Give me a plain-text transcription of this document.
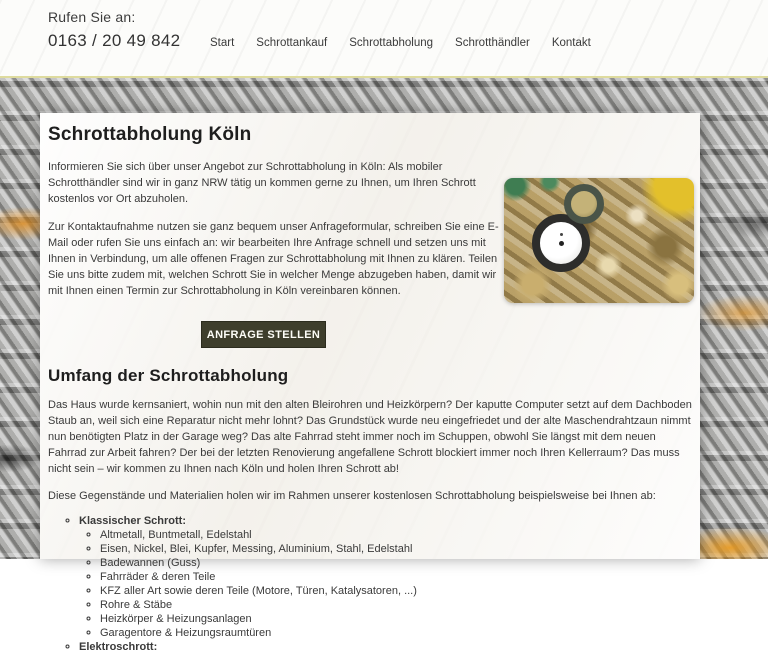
Rufen Sie an:
0163 / 20 49 842	Start Schrottankauf Schrottabholung Schrotthändler Kontakt
Schrottabholung Köln

Informieren Sie sich über unser Angebot zur Schrottabholung in Köln: Als mobiler Schrotthändler sind wir in ganz NRW tätig un kommen gerne zu Ihnen, um Ihren Schrott kostenlos vor Ort abzuholen.

Zur Kontaktaufnahme nutzen sie ganz bequem unser Anfrageformular, schreiben Sie eine E-Mail oder rufen Sie uns einfach an: wir bearbeiten Ihre Anfrage schnell und setzen uns mit Ihnen in Verbindung, um alle offenen Fragen zur Schrottabholung mit Ihnen zu klären. Teilen Sie uns bitte zudem mit, welchen Schrott Sie in welcher Menge abzugeben haben, damit wir mit Ihnen einen Termin zur Schrottabholung in Köln vereinbaren können.

ANFRAGE STELLEN
Umfang der Schrottabholung

Das Haus wurde kernsaniert, wohin nun mit den alten Bleirohren und Heizkörpern? Der kaputte Computer setzt auf dem Dachboden Staub an, weil sich eine Reparatur nicht mehr lohnt? Das Grundstück wurde neu eingefriedet und der alte Maschendrahtzaun nimmt nun benötigten Platz in der Garage weg? Das alte Fahrrad steht immer noch im Schuppen, obwohl Sie längst mit dem neuen Fahrrad zur Arbeit fahren? Der bei der letzten Renovierung angefallene Schrott blockiert immer noch Ihren Kellerraum? Das muss nicht sein – wir kommen zu Ihnen nach Köln und holen Ihren Schrott ab!

Diese Gegenstände und Materialien holen wir im Rahmen unserer kostenlosen Schrottabholung beispielsweise bei Ihnen ab:

◦ Klassischer Schrott:
◦ Altmetall, Buntmetall, Edelstahl
◦ Eisen, Nickel, Blei, Kupfer, Messing, Aluminium, Stahl, Edelstahl
◦ Badewannen (Guss)
◦ Fahrräder & deren Teile
◦ KFZ aller Art sowie deren Teile (Motore, Türen, Katalysatoren, ...)
◦ Rohre & Stäbe
◦ Heizkörper & Heizungsanlagen
◦ Garagentore & Heizungsraumtüren
◦ Elektroschrott:
